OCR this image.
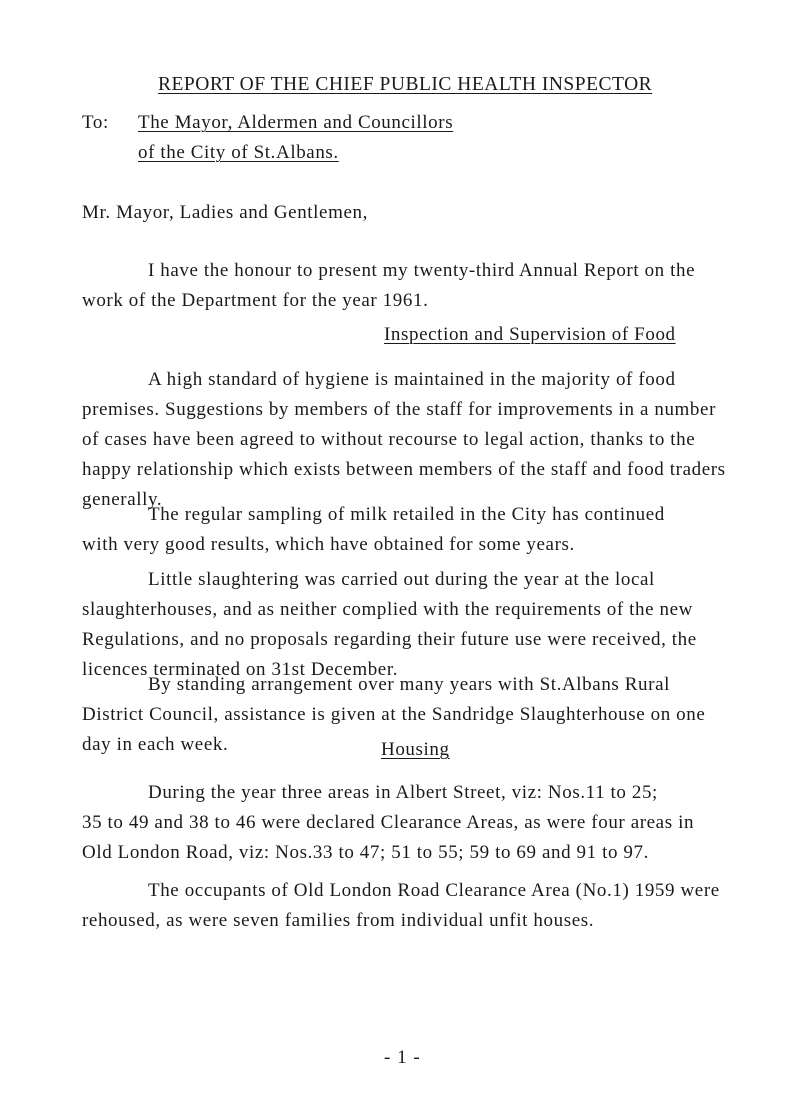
REPORT OF THE CHIEF PUBLIC HEALTH INSPECTOR
To: The Mayor, Aldermen and Councillors
of the City of St.Albans.
Mr. Mayor, Ladies and Gentlemen,
I have the honour to present my twenty-third Annual Report on the
work of the Department for the year 1961.
Inspection and Supervision of Food
A high standard of hygiene is maintained in the majority of food
premises. Suggestions by members of the staff for improvements in a number
of cases have been agreed to without recourse to legal action, thanks to the
happy relationship which exists between members of the staff and food traders
generally.
The regular sampling of milk retailed in the City has continued
with very good results, which have obtained for some years.
Little slaughtering was carried out during the year at the local
slaughterhouses, and as neither complied with the requirements of the new
Regulations, and no proposals regarding their future use were received, the
licences terminated on 31st December.
By standing arrangement over many years with St.Albans Rural
District Council, assistance is given at the Sandridge Slaughterhouse on one
day in each week.	Housing
During the year three areas in Albert Street, viz: Nos.11 to 25;
35 to 49 and 38 to 46 were declared Clearance Areas, as were four areas in
Old London Road, viz: Nos.33 to 47; 51 to 55; 59 to 69 and 91 to 97.
The occupants of Old London Road Clearance Area (No.1) 1959 were
rehoused, as were seven families from individual unfit houses.
- 1 -
